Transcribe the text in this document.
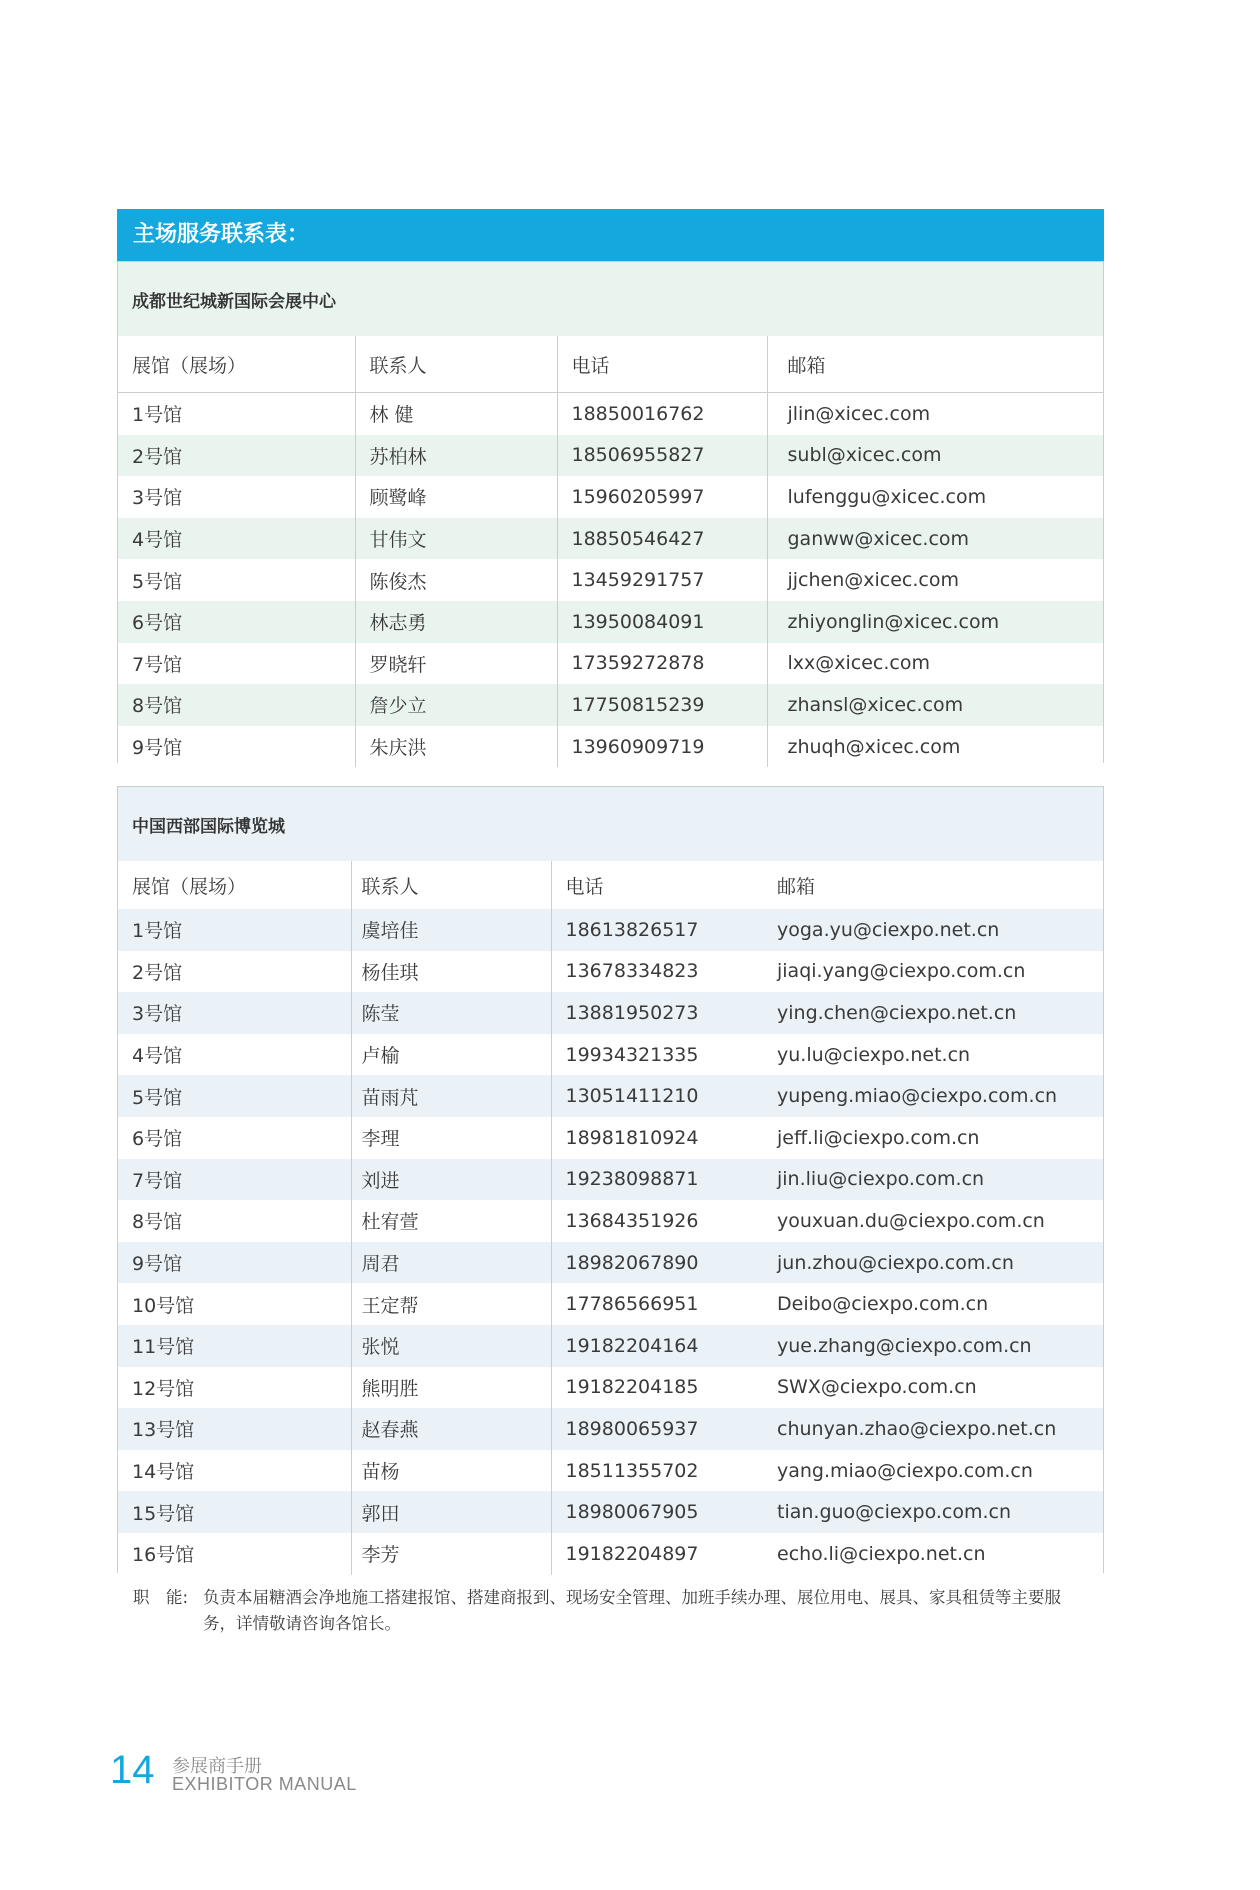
主场服务联系表：
成都世纪城新国际会展中心
展馆（展场）	联系人	电话	邮箱
1号馆	林 健	18850016762	jlin@xicec.com
2号馆	苏柏林	18506955827	subl@xicec.com
3号馆	顾鹭峰	15960205997	lufenggu@xicec.com
4号馆	甘伟文	18850546427	ganww@xicec.com
5号馆	陈俊杰	13459291757	jjchen@xicec.com
6号馆	林志勇	13950084091	zhiyonglin@xicec.com
7号馆	罗晓轩	17359272878	lxx@xicec.com
8号馆	詹少立	17750815239	zhansl@xicec.com
9号馆	朱庆洪	13960909719	zhuqh@xicec.com
中国西部国际博览城
展馆（展场）	联系人	电话	邮箱
1号馆	虞培佳	18613826517	yoga.yu@ciexpo.net.cn
2号馆	杨佳琪	13678334823	jiaqi.yang@ciexpo.com.cn
3号馆	陈莹	13881950273	ying.chen@ciexpo.net.cn
4号馆	卢榆	19934321335	yu.lu@ciexpo.net.cn
5号馆	苗雨芃	13051411210	yupeng.miao@ciexpo.com.cn
6号馆	李理	18981810924	jeff.li@ciexpo.com.cn
7号馆	刘进	19238098871	jin.liu@ciexpo.com.cn
8号馆	杜宥萱	13684351926	youxuan.du@ciexpo.com.cn
9号馆	周君	18982067890	jun.zhou@ciexpo.com.cn
10号馆	王定帮	17786566951	Deibo@ciexpo.com.cn
11号馆	张悦	19182204164	yue.zhang@ciexpo.com.cn
12号馆	熊明胜	19182204185	SWX@ciexpo.com.cn
13号馆	赵春燕	18980065937	chunyan.zhao@ciexpo.net.cn
14号馆	苗杨	18511355702	yang.miao@ciexpo.com.cn
15号馆	郭田	18980067905	tian.guo@ciexpo.com.cn
16号馆	李芳	19182204897	echo.li@ciexpo.net.cn
职　能: 负责本届糖酒会净地施工搭建报馆、搭建商报到、现场安全管理、加班手续办理、展位用电、展具、家具租赁等主要服务，详情敬请咨询各馆长。
14 参展商手册
EXHIBITOR MANUAL
